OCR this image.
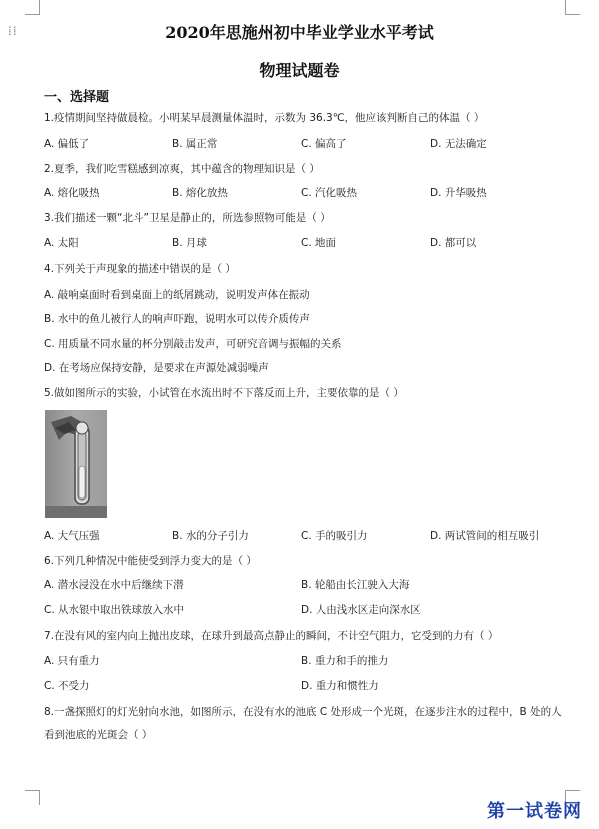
⁞⁞	2020年思施州初中毕业学业水平考试
物理试题卷
一、选择题
1.疫情期间坚持做晨检。小明某早晨测量体温时，示数为 36.3℃，他应该判断自己的体温（ ）
A. 偏低了	B. 属正常	C. 偏高了	D. 无法确定
2.夏季，我们吃雪糕感到凉爽，其中蕴含的物理知识是（ ）
A. 熔化吸热	B. 熔化放热	C. 汽化吸热	D. 升华吸热
3.我们描述一颗“北斗”卫星是静止的，所选参照物可能是（ ）
A. 太阳	B. 月球	C. 地面	D. 都可以
4.下列关于声现象的描述中错误的是（ ）
A. 敲响桌面时看到桌面上的纸屑跳动，说明发声体在振动
B. 水中的鱼儿被行人的响声吓跑，说明水可以传介质传声
C. 用质量不同水量的杯分别敲击发声，可研究音调与振幅的关系
D. 在考场应保持安静，是要求在声源处减弱噪声
5.做如图所示的实验，小试管在水流出时不下落反而上升，主要依靠的是（ ）
A. 大气压强	B. 水的分子引力	C. 手的吸引力	D. 两试管间的相互吸引
6.下列几种情况中能使受到浮力变大的是（ ）
A. 潜水浸没在水中后继续下潜	B. 轮船由长江驶入大海
C. 从水银中取出铁球放入水中	D. 人由浅水区走向深水区
7.在没有风的室内向上抛出皮球，在球升到最高点静止的瞬间，不计空气阻力，它受到的力有（ ）
A. 只有重力	B. 重力和手的推力
C. 不受力	D. 重力和惯性力
8.一盏探照灯的灯光射向水池，如图所示，在没有水的池底 C 处形成一个光斑，在逐步注水的过程中，B 处的人看到池底的光斑会（ ）
第一试卷网
